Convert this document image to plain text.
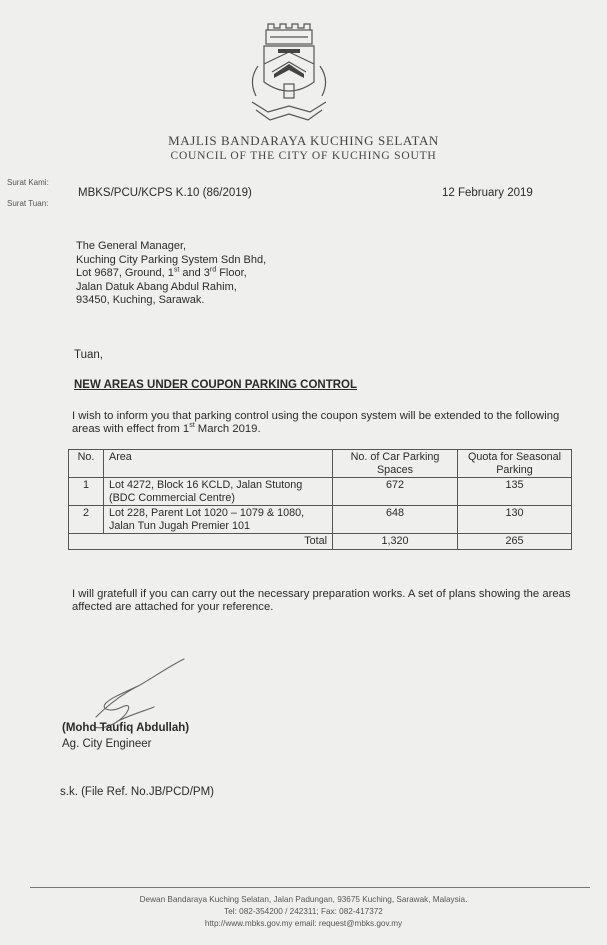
MAJLIS BANDARAYA KUCHING SELATAN
COUNCIL OF THE CITY OF KUCHING SOUTH
Surat Kami:
Surat Tuan:
MBKS/PCU/KCPS K.10 (86/2019)	12 February 2019
The General Manager,
Kuching City Parking System Sdn Bhd,
Lot 9687, Ground, 1st and 3rd Floor,
Jalan Datuk Abang Abdul Rahim,
93450, Kuching, Sarawak.
Tuan,
NEW AREAS UNDER COUPON PARKING CONTROL
I wish to inform you that parking control using the coupon system will be extended to the following areas with effect from 1st March 2019.
No.	Area	No. of Car Parking Spaces	Quota for Seasonal Parking
1	Lot 4272, Block 16 KCLD, Jalan Stutong (BDC Commercial Centre)	672	135
2	Lot 228, Parent Lot 1020 – 1079 & 1080, Jalan Tun Jugah Premier 101	648	130
Total		1,320	265
I will gratefull if you can carry out the necessary preparation works. A set of plans showing the areas affected are attached for your reference.
(Mohd Taufiq Abdullah)
Ag. City Engineer
s.k. (File Ref. No.JB/PCD/PM)
Dewan Bandaraya Kuching Selatan, Jalan Padungan, 93675 Kuching, Sarawak, Malaysia.
Tel: 082-354200 / 242311; Fax: 082-417372
http://www.mbks.gov.my email: request@mbks.gov.my
